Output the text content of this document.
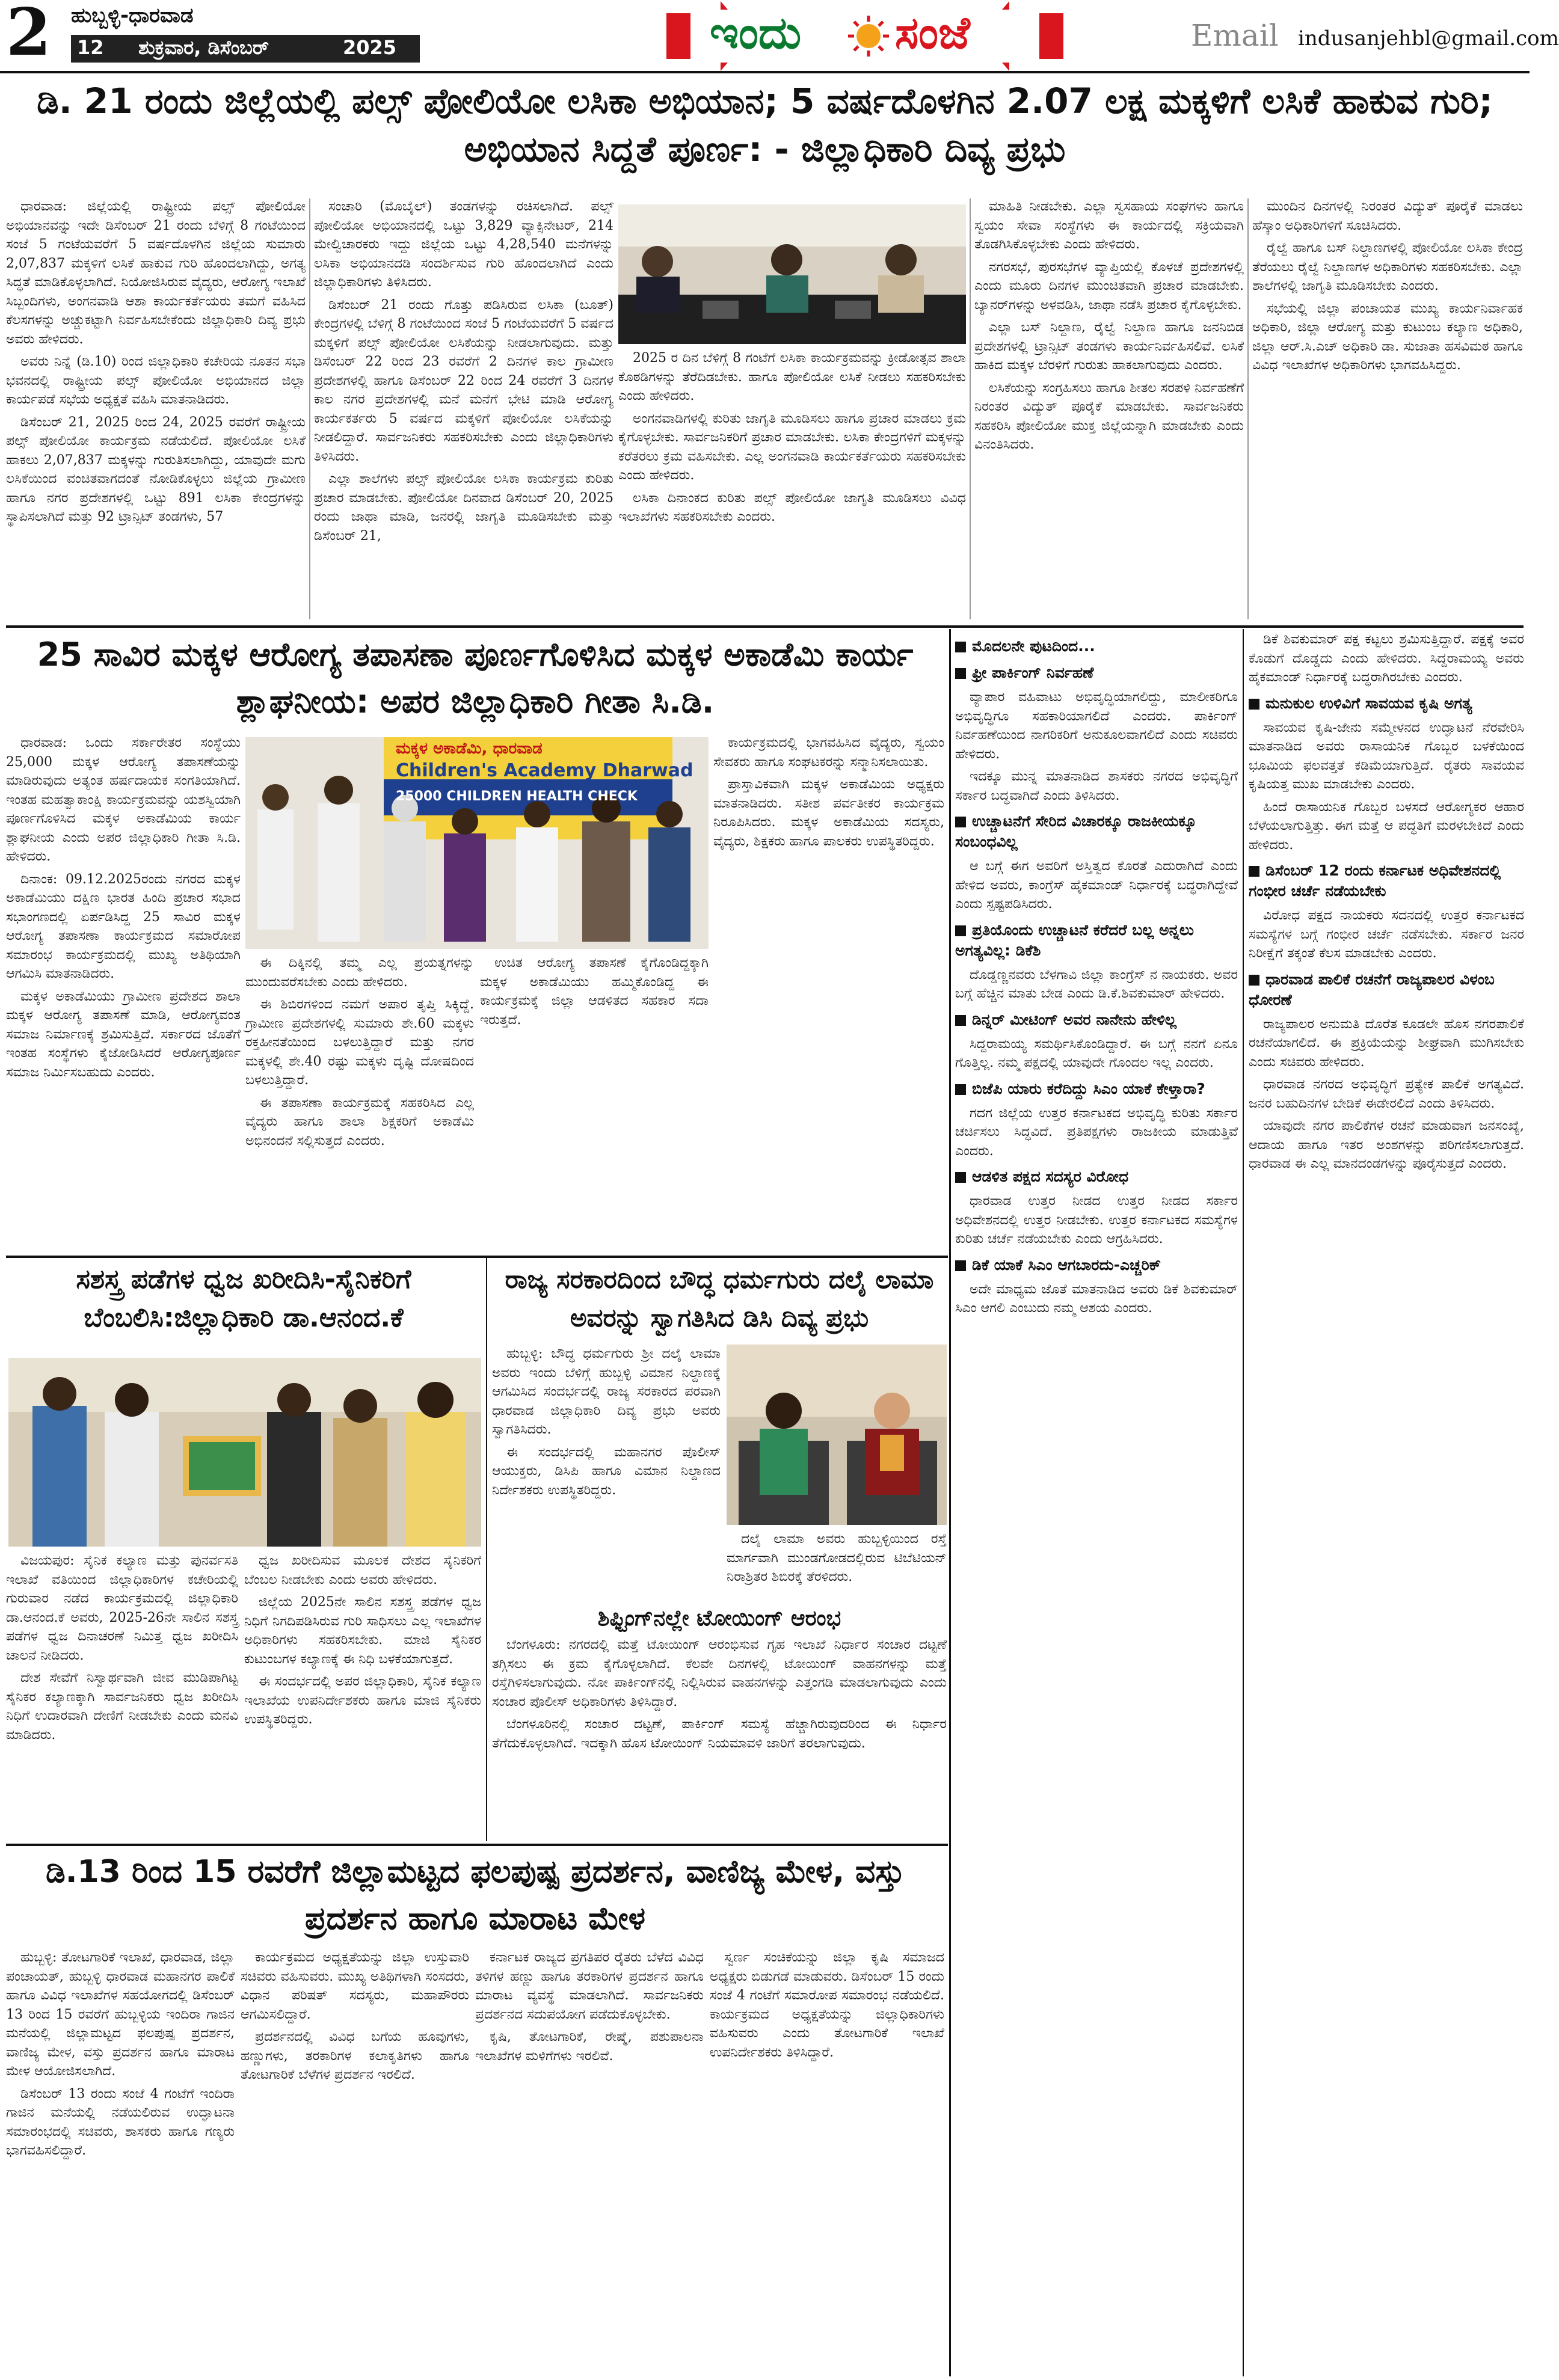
2 ಹುಬ್ಬಳ್ಳಿ-ಧಾರವಾಡ
12 ಶುಕ್ರವಾರ, ಡಿಸೆಂಬರ್	2025	ಇಂದು ಸಂಜೆ	Email indusanjehbl@gmail.com
ಡಿ. 21 ರಂದು ಜಿಲ್ಲೆಯಲ್ಲಿ ಪಲ್ಸ್ ಪೋಲಿಯೋ ಲಸಿಕಾ ಅಭಿಯಾನ; 5 ವರ್ಷದೊಳಗಿನ 2.07 ಲಕ್ಷ ಮಕ್ಕಳಿಗೆ ಲಸಿಕೆ ಹಾಕುವ ಗುರಿ; ಅಭಿಯಾನ ಸಿದ್ದತೆ ಪೂರ್ಣ: - ಜಿಲ್ಲಾಧಿಕಾರಿ ದಿವ್ಯ ಪ್ರಭು

ಧಾರವಾಡ: ಜಿಲ್ಲೆಯಲ್ಲಿ ರಾಷ್ಟ್ರೀಯ ಪಲ್ಸ್ ಪೋಲಿಯೋ ಅಭಿಯಾನವನ್ನು ಇದೇ ಡಿಸೆಂಬರ್ 21 ರಂದು ಬೆಳಿಗ್ಗೆ 8 ಗಂಟೆಯಿಂದ ಸಂಜೆ 5 ಗಂಟೆಯವರೆಗೆ 5 ವರ್ಷದೊಳಗಿನ ಜಿಲ್ಲೆಯ ಸುಮಾರು 2,07,837 ಮಕ್ಕಳಿಗೆ ಲಸಿಕೆ ಹಾಕುವ ಗುರಿ ಹೊಂದಲಾಗಿದ್ದು, ಅಗತ್ಯ ಸಿದ್ಧತೆ ಮಾಡಿಕೊಳ್ಳಲಾಗಿದೆ. ನಿಯೋಜಿಸಿರುವ ವೈದ್ಯರು, ಆರೋಗ್ಯ ಇಲಾಖೆ ಸಿಬ್ಬಂದಿಗಳು, ಅಂಗನವಾಡಿ ಆಶಾ ಕಾರ್ಯಕರ್ತೆಯರು ತಮಗೆ ವಹಿಸಿದ ಕೆಲಸಗಳನ್ನು ಅಚ್ಚುಕಟ್ಟಾಗಿ ನಿರ್ವಹಿಸಬೇಕೆಂದು ಜಿಲ್ಲಾಧಿಕಾರಿ ದಿವ್ಯ ಪ್ರಭು ಅವರು ಹೇಳಿದರು.

ಅವರು ನಿನ್ನೆ (ಡಿ.10) ರಿಂದ ಜಿಲ್ಲಾಧಿಕಾರಿ ಕಚೇರಿಯ ನೂತನ ಸಭಾ ಭವನದಲ್ಲಿ ರಾಷ್ಟ್ರೀಯ ಪಲ್ಸ್ ಪೋಲಿಯೋ ಅಭಿಯಾನದ ಜಿಲ್ಲಾ ಕಾರ್ಯಪಡೆ ಸಭೆಯ ಅಧ್ಯಕ್ಷತೆ ವಹಿಸಿ ಮಾತನಾಡಿದರು.

ಡಿಸೆಂಬರ್ 21, 2025 ರಿಂದ 24, 2025 ರವರೆಗೆ ರಾಷ್ಟ್ರೀಯ ಪಲ್ಸ್ ಪೋಲಿಯೋ ಕಾರ್ಯಕ್ರಮ ನಡೆಯಲಿದೆ. ಪೋಲಿಯೋ ಲಸಿಕೆ ಹಾಕಲು 2,07,837 ಮಕ್ಕಳನ್ನು ಗುರುತಿಸಲಾಗಿದ್ದು, ಯಾವುದೇ ಮಗು ಲಸಿಕೆಯಿಂದ ವಂಚಿತವಾಗದಂತೆ ನೋಡಿಕೊಳ್ಳಲು ಜಿಲ್ಲೆಯ ಗ್ರಾಮೀಣ ಹಾಗೂ ನಗರ ಪ್ರದೇಶಗಳಲ್ಲಿ ಒಟ್ಟು 891 ಲಸಿಕಾ ಕೇಂದ್ರಗಳನ್ನು ಸ್ಥಾಪಿಸಲಾಗಿದೆ ಮತ್ತು 92 ಟ್ರಾನ್ಸಿಟ್ ತಂಡಗಳು, 57

ಸಂಚಾರಿ (ಮೊಬೈಲ್) ತಂಡಗಳನ್ನು ರಚಿಸಲಾಗಿದೆ. ಪಲ್ಸ್ ಪೋಲಿಯೋ ಅಭಿಯಾನದಲ್ಲಿ ಒಟ್ಟು 3,829 ವ್ಯಾಕ್ಸಿನೇಟರ್, 214 ಮೇಲ್ವಿಚಾರಕರು ಇದ್ದು ಜಿಲ್ಲೆಯ ಒಟ್ಟು 4,28,540 ಮನೆಗಳನ್ನು ಲಸಿಕಾ ಅಭಿಯಾನದಡಿ ಸಂದರ್ಶಿಸುವ ಗುರಿ ಹೊಂದಲಾಗಿದೆ ಎಂದು ಜಿಲ್ಲಾಧಿಕಾರಿಗಳು ತಿಳಿಸಿದರು.

ಡಿಸೆಂಬರ್ 21 ರಂದು ಗೊತ್ತು ಪಡಿಸಿರುವ ಲಸಿಕಾ (ಬೂತ್) ಕೇಂದ್ರಗಳಲ್ಲಿ ಬೆಳಿಗ್ಗೆ 8 ಗಂಟೆಯಿಂದ ಸಂಜೆ 5 ಗಂಟೆಯವರೆಗೆ 5 ವರ್ಷದ ಮಕ್ಕಳಿಗೆ ಪಲ್ಸ್ ಪೋಲಿಯೋ ಲಸಿಕೆಯನ್ನು ನೀಡಲಾಗುವುದು. ಮತ್ತು ಡಿಸೆಂಬರ್ 22 ರಿಂದ 23 ರವರೆಗೆ 2 ದಿನಗಳ ಕಾಲ ಗ್ರಾಮೀಣ ಪ್ರದೇಶಗಳಲ್ಲಿ ಹಾಗೂ ಡಿಸೆಂಬರ್ 22 ರಿಂದ 24 ರವರೆಗೆ 3 ದಿನಗಳ ಕಾಲ ನಗರ ಪ್ರದೇಶಗಳಲ್ಲಿ ಮನೆ ಮನೆಗೆ ಭೇಟಿ ಮಾಡಿ ಆರೋಗ್ಯ ಕಾರ್ಯಕರ್ತರು 5 ವರ್ಷದ ಮಕ್ಕಳಿಗೆ ಪೋಲಿಯೋ ಲಸಿಕೆಯನ್ನು ನೀಡಲಿದ್ದಾರೆ. ಸಾರ್ವಜನಿಕರು ಸಹಕರಿಸಬೇಕು ಎಂದು ಜಿಲ್ಲಾಧಿಕಾರಿಗಳು ತಿಳಿಸಿದರು.

ಎಲ್ಲಾ ಶಾಲೆಗಳು ಪಲ್ಸ್ ಪೋಲಿಯೋ ಲಸಿಕಾ ಕಾರ್ಯಕ್ರಮ ಕುರಿತು ಪ್ರಚಾರ ಮಾಡಬೇಕು. ಪೋಲಿಯೋ ದಿನವಾದ ಡಿಸೆಂಬರ್ 20, 2025 ರಂದು ಜಾಥಾ ಮಾಡಿ, ಜನರಲ್ಲಿ ಜಾಗೃತಿ ಮೂಡಿಸಬೇಕು ಮತ್ತು ಡಿಸೆಂಬರ್ 21,

2025 ರ ದಿನ ಬೆಳಿಗ್ಗೆ 8 ಗಂಟೆಗೆ ಲಸಿಕಾ ಕಾರ್ಯಕ್ರಮವನ್ನು ಕ್ರೀಡೋತ್ಸವ ಶಾಲಾ ಕೊಠಡಿಗಳನ್ನು ತೆರೆದಿಡಬೇಕು. ಹಾಗೂ ಪೋಲಿಯೋ ಲಸಿಕೆ ನೀಡಲು ಸಹಕರಿಸಬೇಕು ಎಂದು ಹೇಳಿದರು.

ಅಂಗನವಾಡಿಗಳಲ್ಲಿ ಕುರಿತು ಜಾಗೃತಿ ಮೂಡಿಸಲು ಹಾಗೂ ಪ್ರಚಾರ ಮಾಡಲು ಕ್ರಮ ಕೈಗೊಳ್ಳಬೇಕು. ಸಾರ್ವಜನಿಕರಿಗೆ ಪ್ರಚಾರ ಮಾಡಬೇಕು. ಲಸಿಕಾ ಕೇಂದ್ರಗಳಿಗೆ ಮಕ್ಕಳನ್ನು ಕರೆತರಲು ಕ್ರಮ ವಹಿಸಬೇಕು. ಎಲ್ಲ ಅಂಗನವಾಡಿ ಕಾರ್ಯಕರ್ತೆಯರು ಸಹಕರಿಸಬೇಕು ಎಂದು ಹೇಳಿದರು.

ಲಸಿಕಾ ದಿನಾಂಕದ ಕುರಿತು ಪಲ್ಸ್ ಪೋಲಿಯೋ ಜಾಗೃತಿ ಮೂಡಿಸಲು ವಿವಿಧ ಇಲಾಖೆಗಳು ಸಹಕರಿಸಬೇಕು ಎಂದರು.

ಮಾಹಿತಿ ನೀಡಬೇಕು. ಎಲ್ಲಾ ಸ್ವಸಹಾಯ ಸಂಘಗಳು ಹಾಗೂ ಸ್ವಯಂ ಸೇವಾ ಸಂಸ್ಥೆಗಳು ಈ ಕಾರ್ಯದಲ್ಲಿ ಸಕ್ರಿಯವಾಗಿ ತೊಡಗಿಸಿಕೊಳ್ಳಬೇಕು ಎಂದು ಹೇಳಿದರು.

ನಗರಸಭೆ, ಪುರಸಭೆಗಳ ವ್ಯಾಪ್ತಿಯಲ್ಲಿ ಕೊಳಚೆ ಪ್ರದೇಶಗಳಲ್ಲಿ ಎಂದು ಮೂರು ದಿನಗಳ ಮುಂಚಿತವಾಗಿ ಪ್ರಚಾರ ಮಾಡಬೇಕು. ಬ್ಯಾನರ್‌ಗಳನ್ನು ಅಳವಡಿಸಿ, ಜಾಥಾ ನಡೆಸಿ ಪ್ರಚಾರ ಕೈಗೊಳ್ಳಬೇಕು.

ಎಲ್ಲಾ ಬಸ್ ನಿಲ್ದಾಣ, ರೈಲ್ವೆ ನಿಲ್ದಾಣ ಹಾಗೂ ಜನನಿಬಿಡ ಪ್ರದೇಶಗಳಲ್ಲಿ ಟ್ರಾನ್ಸಿಟ್ ತಂಡಗಳು ಕಾರ್ಯನಿರ್ವಹಿಸಲಿವೆ. ಲಸಿಕೆ ಹಾಕಿದ ಮಕ್ಕಳ ಬೆರಳಿಗೆ ಗುರುತು ಹಾಕಲಾಗುವುದು ಎಂದರು.

ಲಸಿಕೆಯನ್ನು ಸಂಗ್ರಹಿಸಲು ಹಾಗೂ ಶೀತಲ ಸರಪಳಿ ನಿರ್ವಹಣೆಗೆ ನಿರಂತರ ವಿದ್ಯುತ್ ಪೂರೈಕೆ ಮಾಡಬೇಕು. ಸಾರ್ವಜನಿಕರು ಸಹಕರಿಸಿ ಪೋಲಿಯೋ ಮುಕ್ತ ಜಿಲ್ಲೆಯನ್ನಾಗಿ ಮಾಡಬೇಕು ಎಂದು ವಿನಂತಿಸಿದರು.

ಮುಂದಿನ ದಿನಗಳಲ್ಲಿ ನಿರಂತರ ವಿದ್ಯುತ್ ಪೂರೈಕೆ ಮಾಡಲು ಹೆಸ್ಕಾಂ ಅಧಿಕಾರಿಗಳಿಗೆ ಸೂಚಿಸಿದರು.

ರೈಲ್ವೆ ಹಾಗೂ ಬಸ್ ನಿಲ್ದಾಣಗಳಲ್ಲಿ ಪೋಲಿಯೋ ಲಸಿಕಾ ಕೇಂದ್ರ ತೆರೆಯಲು ರೈಲ್ವೆ ನಿಲ್ದಾಣಗಳ ಅಧಿಕಾರಿಗಳು ಸಹಕರಿಸಬೇಕು. ಎಲ್ಲಾ ಶಾಲೆಗಳಲ್ಲಿ ಜಾಗೃತಿ ಮೂಡಿಸಬೇಕು ಎಂದರು.

ಸಭೆಯಲ್ಲಿ ಜಿಲ್ಲಾ ಪಂಚಾಯತ ಮುಖ್ಯ ಕಾರ್ಯನಿರ್ವಾಹಕ ಅಧಿಕಾರಿ, ಜಿಲ್ಲಾ ಆರೋಗ್ಯ ಮತ್ತು ಕುಟುಂಬ ಕಲ್ಯಾಣ ಅಧಿಕಾರಿ, ಜಿಲ್ಲಾ ಆರ್.ಸಿ.ಎಚ್ ಅಧಿಕಾರಿ ಡಾ. ಸುಜಾತಾ ಹಸವಿಮಠ ಹಾಗೂ ವಿವಿಧ ಇಲಾಖೆಗಳ ಅಧಿಕಾರಿಗಳು ಭಾಗವಹಿಸಿದ್ದರು.

25 ಸಾವಿರ ಮಕ್ಕಳ ಆರೋಗ್ಯ ತಪಾಸಣಾ ಪೂರ್ಣಗೊಳಿಸಿದ ಮಕ್ಕಳ ಅಕಾಡೆಮಿ ಕಾರ್ಯ ಶ್ಲಾಘನೀಯ: ಅಪರ ಜಿಲ್ಲಾಧಿಕಾರಿ ಗೀತಾ ಸಿ.ಡಿ.

ಧಾರವಾಡ: ಒಂದು ಸರ್ಕಾರೇತರ ಸಂಸ್ಥೆಯು 25,000 ಮಕ್ಕಳ ಆರೋಗ್ಯ ತಪಾಸಣೆಯನ್ನು ಮಾಡಿರುವುದು ಅತ್ಯಂತ ಹರ್ಷದಾಯಕ ಸಂಗತಿಯಾಗಿದೆ. ಇಂತಹ ಮಹತ್ವಾಕಾಂಕ್ಷಿ ಕಾರ್ಯಕ್ರಮವನ್ನು ಯಶಸ್ವಿಯಾಗಿ ಪೂರ್ಣಗೊಳಿಸಿದ ಮಕ್ಕಳ ಅಕಾಡೆಮಿಯ ಕಾರ್ಯ ಶ್ಲಾಘನೀಯ ಎಂದು ಅಪರ ಜಿಲ್ಲಾಧಿಕಾರಿ ಗೀತಾ ಸಿ.ಡಿ. ಹೇಳಿದರು.

ದಿನಾಂಕ: 09.12.2025ರಂದು ನಗರದ ಮಕ್ಕಳ ಅಕಾಡೆಮಿಯು ದಕ್ಷಿಣ ಭಾರತ ಹಿಂದಿ ಪ್ರಚಾರ ಸಭಾದ ಸಭಾಂಗಣದಲ್ಲಿ ಏರ್ಪಡಿಸಿದ್ದ 25 ಸಾವಿರ ಮಕ್ಕಳ ಆರೋಗ್ಯ ತಪಾಸಣಾ ಕಾರ್ಯಕ್ರಮದ ಸಮಾರೋಪ ಸಮಾರಂಭ ಕಾರ್ಯಕ್ರಮದಲ್ಲಿ ಮುಖ್ಯ ಅತಿಥಿಯಾಗಿ ಆಗಮಿಸಿ ಮಾತನಾಡಿದರು.

ಮಕ್ಕಳ ಅಕಾಡೆಮಿಯು ಗ್ರಾಮೀಣ ಪ್ರದೇಶದ ಶಾಲಾ ಮಕ್ಕಳ ಆರೋಗ್ಯ ತಪಾಸಣೆ ಮಾಡಿ, ಆರೋಗ್ಯವಂತ ಸಮಾಜ ನಿರ್ಮಾಣಕ್ಕೆ ಶ್ರಮಿಸುತ್ತಿದೆ. ಸರ್ಕಾರದ ಜೊತೆಗೆ ಇಂತಹ ಸಂಸ್ಥೆಗಳು ಕೈಜೋಡಿಸಿದರೆ ಆರೋಗ್ಯಪೂರ್ಣ ಸಮಾಜ ನಿರ್ಮಿಸಬಹುದು ಎಂದರು.

ಮಕ್ಕಳ ಅಕಾಡೆಮಿ, ಧಾರವಾಡ
Children's Academy Dharwad
25000 CHILDREN HEALTH CHECK

ಈ ದಿಕ್ಕಿನಲ್ಲಿ ತಮ್ಮ ಎಲ್ಲ ಪ್ರಯತ್ನಗಳನ್ನು ಮುಂದುವರೆಸಬೇಕು ಎಂದು ಹೇಳಿದರು.

ಈ ಶಿಬಿರಗಳಿಂದ ನಮಗೆ ಅಪಾರ ತೃಪ್ತಿ ಸಿಕ್ಕಿದ್ದೆ. ಗ್ರಾಮೀಣ ಪ್ರದೇಶಗಳಲ್ಲಿ ಸುಮಾರು ಶೇ.60 ಮಕ್ಕಳು ರಕ್ತಹೀನತೆಯಿಂದ ಬಳಲುತ್ತಿದ್ದಾರೆ ಮತ್ತು ನಗರ ಮಕ್ಕಳಲ್ಲಿ ಶೇ.40 ರಷ್ಟು ಮಕ್ಕಳು ದೃಷ್ಟಿ ದೋಷದಿಂದ ಬಳಲುತ್ತಿದ್ದಾರೆ.

ಈ ತಪಾಸಣಾ ಕಾರ್ಯಕ್ರಮಕ್ಕೆ ಸಹಕರಿಸಿದ ಎಲ್ಲ ವೈದ್ಯರು ಹಾಗೂ ಶಾಲಾ ಶಿಕ್ಷಕರಿಗೆ ಅಕಾಡೆಮಿ ಅಭಿನಂದನೆ ಸಲ್ಲಿಸುತ್ತದೆ ಎಂದರು.

ಉಚಿತ ಆರೋಗ್ಯ ತಪಾಸಣೆ ಕೈಗೊಂಡಿದ್ದಕ್ಕಾಗಿ ಮಕ್ಕಳ ಅಕಾಡೆಮಿಯು ಹಮ್ಮಿಕೊಂಡಿದ್ದ ಈ ಕಾರ್ಯಕ್ರಮಕ್ಕೆ ಜಿಲ್ಲಾ ಆಡಳಿತದ ಸಹಕಾರ ಸದಾ ಇರುತ್ತದೆ.

ಕಾರ್ಯಕ್ರಮದಲ್ಲಿ ಭಾಗವಹಿಸಿದ ವೈದ್ಯರು, ಸ್ವಯಂ ಸೇವಕರು ಹಾಗೂ ಸಂಘಟಕರನ್ನು ಸನ್ಮಾನಿಸಲಾಯಿತು.

ಪ್ರಾಸ್ತಾವಿಕವಾಗಿ ಮಕ್ಕಳ ಅಕಾಡೆಮಿಯ ಅಧ್ಯಕ್ಷರು ಮಾತನಾಡಿದರು. ಸತೀಶ ಪರ್ವತೀಕರ ಕಾರ್ಯಕ್ರಮ ನಿರೂಪಿಸಿದರು. ಮಕ್ಕಳ ಅಕಾಡೆಮಿಯ ಸದಸ್ಯರು, ವೈದ್ಯರು, ಶಿಕ್ಷಕರು ಹಾಗೂ ಪಾಲಕರು ಉಪಸ್ಥಿತರಿದ್ದರು.

ಸಶಸ್ತ್ರ ಪಡೆಗಳ ಧ್ವಜ ಖರೀದಿಸಿ-ಸೈನಿಕರಿಗೆ ಬೆಂಬಲಿಸಿ:ಜಿಲ್ಲಾಧಿಕಾರಿ ಡಾ.ಆನಂದ.ಕೆ

ವಿಜಯಪುರ: ಸೈನಿಕ ಕಲ್ಯಾಣ ಮತ್ತು ಪುನರ್ವಸತಿ ಇಲಾಖೆ ವತಿಯಿಂದ ಜಿಲ್ಲಾಧಿಕಾರಿಗಳ ಕಚೇರಿಯಲ್ಲಿ ಗುರುವಾರ ನಡೆದ ಕಾರ್ಯಕ್ರಮದಲ್ಲಿ ಜಿಲ್ಲಾಧಿಕಾರಿ ಡಾ.ಆನಂದ.ಕೆ ಅವರು, 2025-26ನೇ ಸಾಲಿನ ಸಶಸ್ತ್ರ ಪಡೆಗಳ ಧ್ವಜ ದಿನಾಚರಣೆ ನಿಮಿತ್ತ ಧ್ವಜ ಖರೀದಿಸಿ ಚಾಲನೆ ನೀಡಿದರು.

ದೇಶ ಸೇವೆಗೆ ನಿಸ್ವಾರ್ಥವಾಗಿ ಜೀವ ಮುಡಿಪಾಗಿಟ್ಟ ಸೈನಿಕರ ಕಲ್ಯಾಣಕ್ಕಾಗಿ ಸಾರ್ವಜನಿಕರು ಧ್ವಜ ಖರೀದಿಸಿ ನಿಧಿಗೆ ಉದಾರವಾಗಿ ದೇಣಿಗೆ ನೀಡಬೇಕು ಎಂದು ಮನವಿ ಮಾಡಿದರು.

ಧ್ವಜ ಖರೀದಿಸುವ ಮೂಲಕ ದೇಶದ ಸೈನಿಕರಿಗೆ ಬೆಂಬಲ ನೀಡಬೇಕು ಎಂದು ಅವರು ಹೇಳಿದರು.

ಜಿಲ್ಲೆಯ 2025ನೇ ಸಾಲಿನ ಸಶಸ್ತ್ರ ಪಡೆಗಳ ಧ್ವಜ ನಿಧಿಗೆ ನಿಗದಿಪಡಿಸಿರುವ ಗುರಿ ಸಾಧಿಸಲು ಎಲ್ಲ ಇಲಾಖೆಗಳ ಅಧಿಕಾರಿಗಳು ಸಹಕರಿಸಬೇಕು. ಮಾಜಿ ಸೈನಿಕರ ಕುಟುಂಬಗಳ ಕಲ್ಯಾಣಕ್ಕೆ ಈ ನಿಧಿ ಬಳಕೆಯಾಗುತ್ತದೆ.

ಈ ಸಂದರ್ಭದಲ್ಲಿ ಅಪರ ಜಿಲ್ಲಾಧಿಕಾರಿ, ಸೈನಿಕ ಕಲ್ಯಾಣ ಇಲಾಖೆಯ ಉಪನಿರ್ದೇಶಕರು ಹಾಗೂ ಮಾಜಿ ಸೈನಿಕರು ಉಪಸ್ಥಿತರಿದ್ದರು.

ರಾಜ್ಯ ಸರಕಾರದಿಂದ ಬೌದ್ಧ ಧರ್ಮಗುರು ದಲೈ ಲಾಮಾ ಅವರನ್ನು ಸ್ವಾಗತಿಸಿದ ಡಿಸಿ ದಿವ್ಯ ಪ್ರಭು

ಹುಬ್ಬಳ್ಳಿ: ಬೌದ್ಧ ಧರ್ಮಗುರು ಶ್ರೀ ದಲೈ ಲಾಮಾ ಅವರು ಇಂದು ಬೆಳಿಗ್ಗೆ ಹುಬ್ಬಳ್ಳಿ ವಿಮಾನ ನಿಲ್ದಾಣಕ್ಕೆ ಆಗಮಿಸಿದ ಸಂದರ್ಭದಲ್ಲಿ ರಾಜ್ಯ ಸರಕಾರದ ಪರವಾಗಿ ಧಾರವಾಡ ಜಿಲ್ಲಾಧಿಕಾರಿ ದಿವ್ಯ ಪ್ರಭು ಅವರು ಸ್ವಾಗತಿಸಿದರು.

ಈ ಸಂದರ್ಭದಲ್ಲಿ ಮಹಾನಗರ ಪೊಲೀಸ್ ಆಯುಕ್ತರು, ಡಿಸಿಪಿ ಹಾಗೂ ವಿಮಾನ ನಿಲ್ದಾಣದ ನಿರ್ದೇಶಕರು ಉಪಸ್ಥಿತರಿದ್ದರು.

ದಲೈ ಲಾಮಾ ಅವರು ಹುಬ್ಬಳ್ಳಿಯಿಂದ ರಸ್ತೆ ಮಾರ್ಗವಾಗಿ ಮುಂಡಗೋಡದಲ್ಲಿರುವ ಟಿಬೆಟಿಯನ್ ನಿರಾಶ್ರಿತರ ಶಿಬಿರಕ್ಕೆ ತೆರಳಿದರು.

ಶಿಫ್ಟಿಂಗ್‌ನಲ್ಲೇ ಟೋಯಿಂಗ್ ಆರಂಭ

ಬೆಂಗಳೂರು: ನಗರದಲ್ಲಿ ಮತ್ತೆ ಟೋಯಿಂಗ್ ಆರಂಭಿಸುವ ಗೃಹ ಇಲಾಖೆ ನಿರ್ಧಾರ ಸಂಚಾರ ದಟ್ಟಣೆ ತಗ್ಗಿಸಲು ಈ ಕ್ರಮ ಕೈಗೊಳ್ಳಲಾಗಿದೆ. ಕೆಲವೇ ದಿನಗಳಲ್ಲಿ ಟೋಯಿಂಗ್ ವಾಹನಗಳನ್ನು ಮತ್ತೆ ರಸ್ತೆಗಿಳಿಸಲಾಗುವುದು. ನೋ ಪಾರ್ಕಿಂಗ್‌ನಲ್ಲಿ ನಿಲ್ಲಿಸಿರುವ ವಾಹನಗಳನ್ನು ಎತ್ತಂಗಡಿ ಮಾಡಲಾಗುವುದು ಎಂದು ಸಂಚಾರ ಪೊಲೀಸ್ ಅಧಿಕಾರಿಗಳು ತಿಳಿಸಿದ್ದಾರೆ.

ಬೆಂಗಳೂರಿನಲ್ಲಿ ಸಂಚಾರ ದಟ್ಟಣೆ, ಪಾರ್ಕಿಂಗ್ ಸಮಸ್ಯೆ ಹೆಚ್ಚಾಗಿರುವುದರಿಂದ ಈ ನಿರ್ಧಾರ ತೆಗೆದುಕೊಳ್ಳಲಾಗಿದೆ. ಇದಕ್ಕಾಗಿ ಹೊಸ ಟೋಯಿಂಗ್ ನಿಯಮಾವಳಿ ಜಾರಿಗೆ ತರಲಾಗುವುದು.

ಡಿ.13 ರಿಂದ 15 ರವರೆಗೆ ಜಿಲ್ಲಾಮಟ್ಟದ ಫಲಪುಷ್ಪ ಪ್ರದರ್ಶನ, ವಾಣಿಜ್ಯ ಮೇಳ, ವಸ್ತು ಪ್ರದರ್ಶನ ಹಾಗೂ ಮಾರಾಟ ಮೇಳ

ಹುಬ್ಬಳ್ಳಿ: ತೋಟಗಾರಿಕೆ ಇಲಾಖೆ, ಧಾರವಾಡ, ಜಿಲ್ಲಾ ಪಂಚಾಯತ್, ಹುಬ್ಬಳ್ಳಿ ಧಾರವಾಡ ಮಹಾನಗರ ಪಾಲಿಕೆ ಹಾಗೂ ವಿವಿಧ ಇಲಾಖೆಗಳ ಸಹಯೋಗದಲ್ಲಿ ಡಿಸೆಂಬರ್ 13 ರಿಂದ 15 ರವರೆಗೆ ಹುಬ್ಬಳ್ಳಿಯ ಇಂದಿರಾ ಗಾಜಿನ ಮನೆಯಲ್ಲಿ ಜಿಲ್ಲಾಮಟ್ಟದ ಫಲಪುಷ್ಪ ಪ್ರದರ್ಶನ, ವಾಣಿಜ್ಯ ಮೇಳ, ವಸ್ತು ಪ್ರದರ್ಶನ ಹಾಗೂ ಮಾರಾಟ ಮೇಳ ಆಯೋಜಿಸಲಾಗಿದೆ.

ಡಿಸೆಂಬರ್ 13 ರಂದು ಸಂಜೆ 4 ಗಂಟೆಗೆ ಇಂದಿರಾ ಗಾಜಿನ ಮನೆಯಲ್ಲಿ ನಡೆಯಲಿರುವ ಉದ್ಘಾಟನಾ ಸಮಾರಂಭದಲ್ಲಿ ಸಚಿವರು, ಶಾಸಕರು ಹಾಗೂ ಗಣ್ಯರು ಭಾಗವಹಿಸಲಿದ್ದಾರೆ.

ಕಾರ್ಯಕ್ರಮದ ಅಧ್ಯಕ್ಷತೆಯನ್ನು ಜಿಲ್ಲಾ ಉಸ್ತುವಾರಿ ಸಚಿವರು ವಹಿಸುವರು. ಮುಖ್ಯ ಅತಿಥಿಗಳಾಗಿ ಸಂಸದರು, ವಿಧಾನ ಪರಿಷತ್ ಸದಸ್ಯರು, ಮಹಾಪೌರರು ಆಗಮಿಸಲಿದ್ದಾರೆ.

ಪ್ರದರ್ಶನದಲ್ಲಿ ವಿವಿಧ ಬಗೆಯ ಹೂವುಗಳು, ಹಣ್ಣುಗಳು, ತರಕಾರಿಗಳ ಕಲಾಕೃತಿಗಳು ಹಾಗೂ ತೋಟಗಾರಿಕೆ ಬೆಳೆಗಳ ಪ್ರದರ್ಶನ ಇರಲಿದೆ.

ಕರ್ನಾಟಕ ರಾಜ್ಯದ ಪ್ರಗತಿಪರ ರೈತರು ಬೆಳೆದ ವಿವಿಧ ತಳಿಗಳ ಹಣ್ಣು ಹಾಗೂ ತರಕಾರಿಗಳ ಪ್ರದರ್ಶನ ಹಾಗೂ ಮಾರಾಟ ವ್ಯವಸ್ಥೆ ಮಾಡಲಾಗಿದೆ. ಸಾರ್ವಜನಿಕರು ಪ್ರದರ್ಶನದ ಸದುಪಯೋಗ ಪಡೆದುಕೊಳ್ಳಬೇಕು.

ಕೃಷಿ, ತೋಟಗಾರಿಕೆ, ರೇಷ್ಮೆ, ಪಶುಪಾಲನಾ ಇಲಾಖೆಗಳ ಮಳಿಗೆಗಳು ಇರಲಿವೆ.

ಸ್ವರ್ಣ ಸಂಚಿಕೆಯನ್ನು ಜಿಲ್ಲಾ ಕೃಷಿ ಸಮಾಜದ ಅಧ್ಯಕ್ಷರು ಬಿಡುಗಡೆ ಮಾಡುವರು. ಡಿಸೆಂಬರ್ 15 ರಂದು ಸಂಜೆ 4 ಗಂಟೆಗೆ ಸಮಾರೋಪ ಸಮಾರಂಭ ನಡೆಯಲಿದೆ. ಕಾರ್ಯಕ್ರಮದ ಅಧ್ಯಕ್ಷತೆಯನ್ನು ಜಿಲ್ಲಾಧಿಕಾರಿಗಳು ವಹಿಸುವರು ಎಂದು ತೋಟಗಾರಿಕೆ ಇಲಾಖೆ ಉಪನಿರ್ದೇಶಕರು ತಿಳಿಸಿದ್ದಾರೆ.

ಮೊದಲನೇ ಪುಟದಿಂದ...
ಫ್ರೀ ಪಾರ್ಕಿಂಗ್ ನಿರ್ವಹಣೆ

ವ್ಯಾಪಾರ ವಹಿವಾಟು ಅಭಿವೃದ್ಧಿಯಾಗಲಿದ್ದು, ಮಾಲೀಕರಿಗೂ ಅಭಿವೃದ್ಧಿಗೂ ಸಹಕಾರಿಯಾಗಲಿದೆ ಎಂದರು. ಪಾರ್ಕಿಂಗ್ ನಿರ್ವಹಣೆಯಿಂದ ನಾಗರಿಕರಿಗೆ ಅನುಕೂಲವಾಗಲಿದೆ ಎಂದು ಸಚಿವರು ಹೇಳಿದರು.

ಇದಕ್ಕೂ ಮುನ್ನ ಮಾತನಾಡಿದ ಶಾಸಕರು ನಗರದ ಅಭಿವೃದ್ಧಿಗೆ ಸರ್ಕಾರ ಬದ್ಧವಾಗಿದೆ ಎಂದು ತಿಳಿಸಿದರು.

ಉಚ್ಚಾಟನೆಗೆ ಸೇರಿದ ವಿಚಾರಕ್ಕೂ ರಾಜಕೀಯಕ್ಕೂ ಸಂಬಂಧವಿಲ್ಲ

ಆ ಬಗ್ಗೆ ಈಗ ಅವರಿಗೆ ಅಸ್ತಿತ್ವದ ಕೊರತೆ ಎದುರಾಗಿದೆ ಎಂದು ಹೇಳಿದ ಅವರು, ಕಾಂಗ್ರೆಸ್ ಹೈಕಮಾಂಡ್ ನಿರ್ಧಾರಕ್ಕೆ ಬದ್ಧರಾಗಿದ್ದೇವೆ ಎಂದು ಸ್ಪಷ್ಟಪಡಿಸಿದರು.

ಪ್ರತಿಯೊಂದು ಉಚ್ಚಾಟನೆ ಕರೆದರೆ ಬಲ್ಲ ಅನ್ನಲು ಅಗತ್ಯವಿಲ್ಲ: ಡಿಕೆಶಿ

ದೊಡ್ಡಣ್ಣನವರು ಬೆಳಗಾವಿ ಜಿಲ್ಲಾ ಕಾಂಗ್ರೆಸ್ ನ ನಾಯಕರು. ಅವರ ಬಗ್ಗೆ ಹೆಚ್ಚಿನ ಮಾತು ಬೇಡ ಎಂದು ಡಿ.ಕೆ.ಶಿವಕುಮಾರ್ ಹೇಳಿದರು.

ಡಿನ್ನರ್ ಮೀಟಿಂಗ್ ಅವರ ನಾನೇನು ಹೇಳಿಲ್ಲ

ಸಿದ್ದರಾಮಯ್ಯ ಸಮರ್ಥಿಸಿಕೊಂಡಿದ್ದಾರೆ. ಈ ಬಗ್ಗೆ ನನಗೆ ಏನೂ ಗೊತ್ತಿಲ್ಲ. ನಮ್ಮ ಪಕ್ಷದಲ್ಲಿ ಯಾವುದೇ ಗೊಂದಲ ಇಲ್ಲ ಎಂದರು.

ಬಿಜೆಪಿ ಯಾರು ಕರೆದಿದ್ದು ಸಿಎಂ ಯಾಕೆ ಕೇಳ್ತಾರಾ?

ಗದಗ ಜಿಲ್ಲೆಯ ಉತ್ತರ ಕರ್ನಾಟಕದ ಅಭಿವೃದ್ಧಿ ಕುರಿತು ಸರ್ಕಾರ ಚರ್ಚಿಸಲು ಸಿದ್ಧವಿದೆ. ಪ್ರತಿಪಕ್ಷಗಳು ರಾಜಕೀಯ ಮಾಡುತ್ತಿವೆ ಎಂದರು.

ಆಡಳಿತ ಪಕ್ಷದ ಸದಸ್ಯರ ವಿರೋಧ

ಧಾರವಾಡ ಉತ್ತರ ನೀಡದ ಉತ್ತರ ನೀಡದ ಸರ್ಕಾರ ಅಧಿವೇಶನದಲ್ಲಿ ಉತ್ತರ ನೀಡಬೇಕು. ಉತ್ತರ ಕರ್ನಾಟಕದ ಸಮಸ್ಯೆಗಳ ಕುರಿತು ಚರ್ಚೆ ನಡೆಯಬೇಕು ಎಂದು ಆಗ್ರಹಿಸಿದರು.

ಡಿಕೆ ಯಾಕೆ ಸಿಎಂ ಆಗಬಾರದು-ಎಚ್ಚರಿಕ್

ಅದೇ ಮಾಧ್ಯಮ ಜೊತೆ ಮಾತನಾಡಿದ ಅವರು ಡಿಕೆ ಶಿವಕುಮಾರ್ ಸಿಎಂ ಆಗಲಿ ಎಂಬುದು ನಮ್ಮ ಆಶಯ ಎಂದರು.

ಡಿಕೆ ಶಿವಕುಮಾರ್ ಪಕ್ಷ ಕಟ್ಟಲು ಶ್ರಮಿಸುತ್ತಿದ್ದಾರೆ. ಪಕ್ಷಕ್ಕೆ ಅವರ ಕೊಡುಗೆ ದೊಡ್ಡದು ಎಂದು ಹೇಳಿದರು. ಸಿದ್ದರಾಮಯ್ಯ ಅವರು ಹೈಕಮಾಂಡ್ ನಿರ್ಧಾರಕ್ಕೆ ಬದ್ಧರಾಗಿರಬೇಕು ಎಂದರು.

ಮನುಕುಲ ಉಳಿವಿಗೆ ಸಾವಯವ ಕೃಷಿ ಅಗತ್ಯ

ಸಾವಯವ ಕೃಷಿ-ಜೇನು ಸಮ್ಮೇಳನದ ಉದ್ಘಾಟನೆ ನೆರವೇರಿಸಿ ಮಾತನಾಡಿದ ಅವರು ರಾಸಾಯನಿಕ ಗೊಬ್ಬರ ಬಳಕೆಯಿಂದ ಭೂಮಿಯ ಫಲವತ್ತತೆ ಕಡಿಮೆಯಾಗುತ್ತಿದೆ. ರೈತರು ಸಾವಯವ ಕೃಷಿಯತ್ತ ಮುಖ ಮಾಡಬೇಕು ಎಂದರು.

ಹಿಂದೆ ರಾಸಾಯನಿಕ ಗೊಬ್ಬರ ಬಳಸದೆ ಆರೋಗ್ಯಕರ ಆಹಾರ ಬೆಳೆಯಲಾಗುತ್ತಿತ್ತು. ಈಗ ಮತ್ತೆ ಆ ಪದ್ಧತಿಗೆ ಮರಳಬೇಕಿದೆ ಎಂದು ಹೇಳಿದರು.

ಡಿಸೆಂಬರ್ 12 ರಂದು ಕರ್ನಾಟಕ ಅಧಿವೇಶನದಲ್ಲಿ ಗಂಭೀರ ಚರ್ಚೆ ನಡೆಯಬೇಕು

ವಿರೋಧ ಪಕ್ಷದ ನಾಯಕರು ಸದನದಲ್ಲಿ ಉತ್ತರ ಕರ್ನಾಟಕದ ಸಮಸ್ಯೆಗಳ ಬಗ್ಗೆ ಗಂಭೀರ ಚರ್ಚೆ ನಡೆಸಬೇಕು. ಸರ್ಕಾರ ಜನರ ನಿರೀಕ್ಷೆಗೆ ತಕ್ಕಂತೆ ಕೆಲಸ ಮಾಡಬೇಕು ಎಂದರು.

ಧಾರವಾಡ ಪಾಲಿಕೆ ರಚನೆಗೆ ರಾಜ್ಯಪಾಲರ ವಿಳಂಬ ಧೋರಣೆ

ರಾಜ್ಯಪಾಲರ ಅನುಮತಿ ದೊರೆತ ಕೂಡಲೇ ಹೊಸ ನಗರಪಾಲಿಕೆ ರಚನೆಯಾಗಲಿದೆ. ಈ ಪ್ರಕ್ರಿಯೆಯನ್ನು ಶೀಘ್ರವಾಗಿ ಮುಗಿಸಬೇಕು ಎಂದು ಸಚಿವರು ಹೇಳಿದರು.

ಧಾರವಾಡ ನಗರದ ಅಭಿವೃದ್ಧಿಗೆ ಪ್ರತ್ಯೇಕ ಪಾಲಿಕೆ ಅಗತ್ಯವಿದೆ. ಜನರ ಬಹುದಿನಗಳ ಬೇಡಿಕೆ ಈಡೇರಲಿದೆ ಎಂದು ತಿಳಿಸಿದರು.

ಯಾವುದೇ ನಗರ ಪಾಲಿಕೆಗಳ ರಚನೆ ಮಾಡುವಾಗ ಜನಸಂಖ್ಯೆ, ಆದಾಯ ಹಾಗೂ ಇತರ ಅಂಶಗಳನ್ನು ಪರಿಗಣಿಸಲಾಗುತ್ತದೆ. ಧಾರವಾಡ ಈ ಎಲ್ಲ ಮಾನದಂಡಗಳನ್ನು ಪೂರೈಸುತ್ತದೆ ಎಂದರು.
